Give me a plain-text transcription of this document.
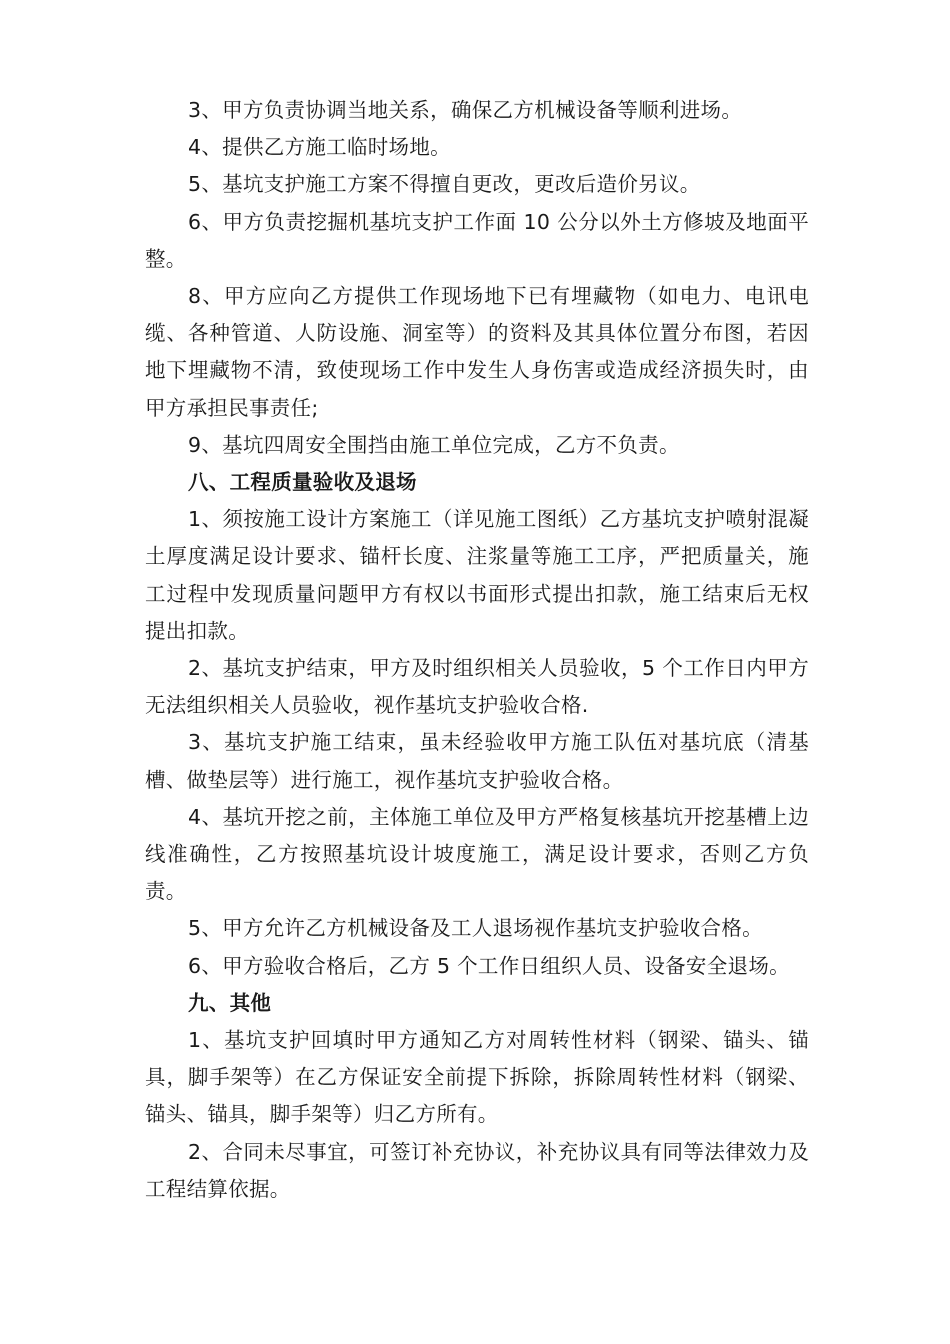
3、甲方负责协调当地关系，确保乙方机械设备等顺利进场。

4、提供乙方施工临时场地。

5、基坑支护施工方案不得擅自更改，更改后造价另议。

6、甲方负责挖掘机基坑支护工作面 10 公分以外土方修坡及地面平整。

8、甲方应向乙方提供工作现场地下已有埋藏物（如电力、电讯电缆、各种管道、人防设施、洞室等）的资料及其具体位置分布图，若因地下埋藏物不清，致使现场工作中发生人身伤害或造成经济损失时，由甲方承担民事责任;

9、基坑四周安全围挡由施工单位完成，乙方不负责。

八、工程质量验收及退场

1、须按施工设计方案施工（详见施工图纸）乙方基坑支护喷射混凝土厚度满足设计要求、锚杆长度、注浆量等施工工序，严把质量关，施工过程中发现质量问题甲方有权以书面形式提出扣款，施工结束后无权提出扣款。

2、基坑支护结束，甲方及时组织相关人员验收，5 个工作日内甲方无法组织相关人员验收，视作基坑支护验收合格.

3、基坑支护施工结束，虽未经验收甲方施工队伍对基坑底（清基槽、做垫层等）进行施工，视作基坑支护验收合格。

4、基坑开挖之前，主体施工单位及甲方严格复核基坑开挖基槽上边线准确性，乙方按照基坑设计坡度施工，满足设计要求，否则乙方负责。

5、甲方允许乙方机械设备及工人退场视作基坑支护验收合格。

6、甲方验收合格后，乙方 5 个工作日组织人员、设备安全退场。

九、其他

1、基坑支护回填时甲方通知乙方对周转性材料（钢梁、锚头、锚具，脚手架等）在乙方保证安全前提下拆除，拆除周转性材料（钢梁、锚头、锚具，脚手架等）归乙方所有。

2、合同未尽事宜，可签订补充协议，补充协议具有同等法律效力及工程结算依据。
